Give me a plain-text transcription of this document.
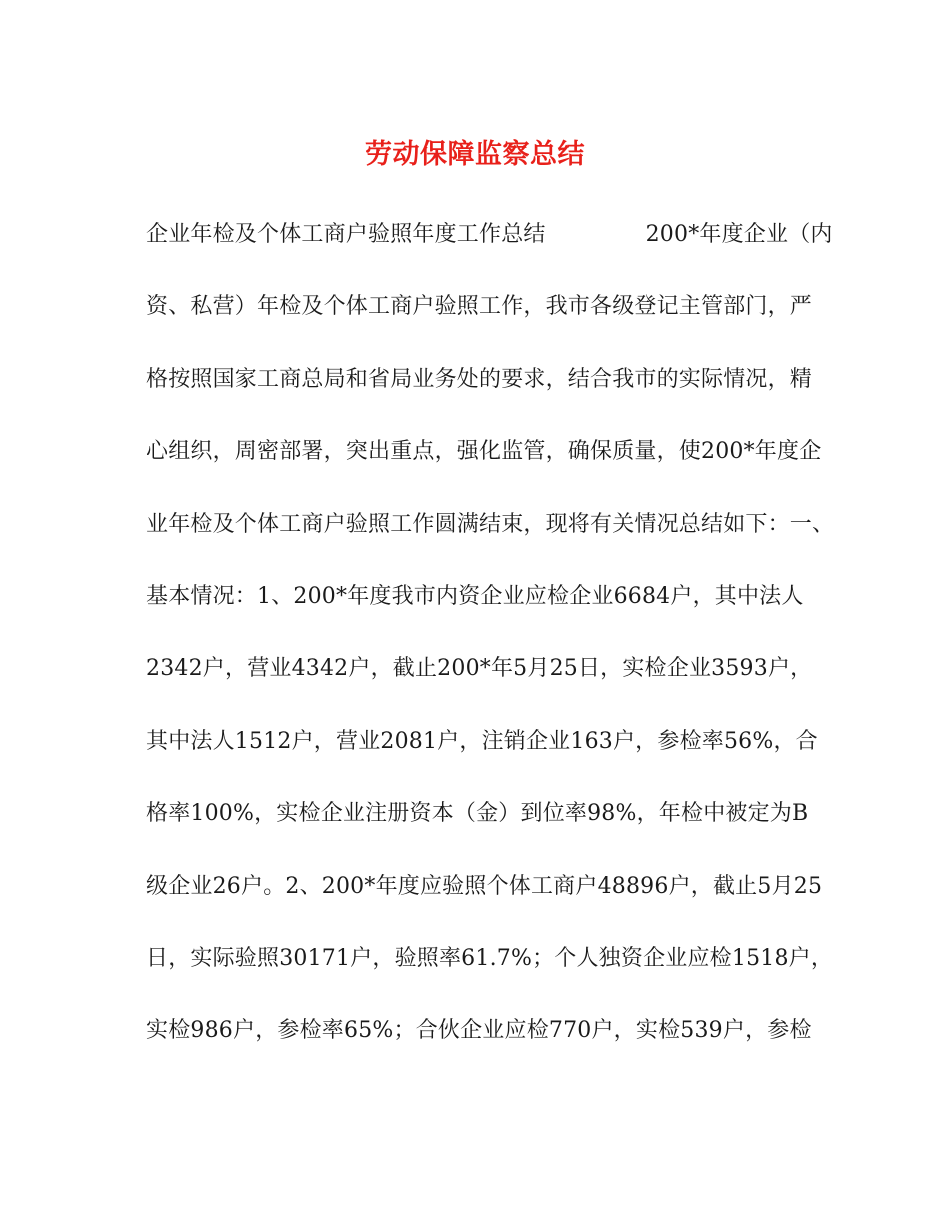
劳动保障监察总结
企业年检及个体工商户验照年度工作总结	200*年度企业（内
资、私营）年检及个体工商户验照工作，我市各级登记主管部门，严
格按照国家工商总局和省局业务处的要求，结合我市的实际情况，精
心组织，周密部署，突出重点，强化监管，确保质量，使200*年度企
业年检及个体工商户验照工作圆满结束，现将有关情况总结如下：一、
基本情况：1、200*年度我市内资企业应检企业6684户，其中法人
2342户，营业4342户，截止200*年5月25日，实检企业3593户，
其中法人1512户，营业2081户，注销企业163户，参检率56%，合
格率100%，实检企业注册资本（金）到位率98%，年检中被定为B
级企业26户。2、200*年度应验照个体工商户48896户，截止5月25
日，实际验照30171户，验照率61.7%；个人独资企业应检1518户，
实检986户，参检率65%；合伙企业应检770户，实检539户，参检
